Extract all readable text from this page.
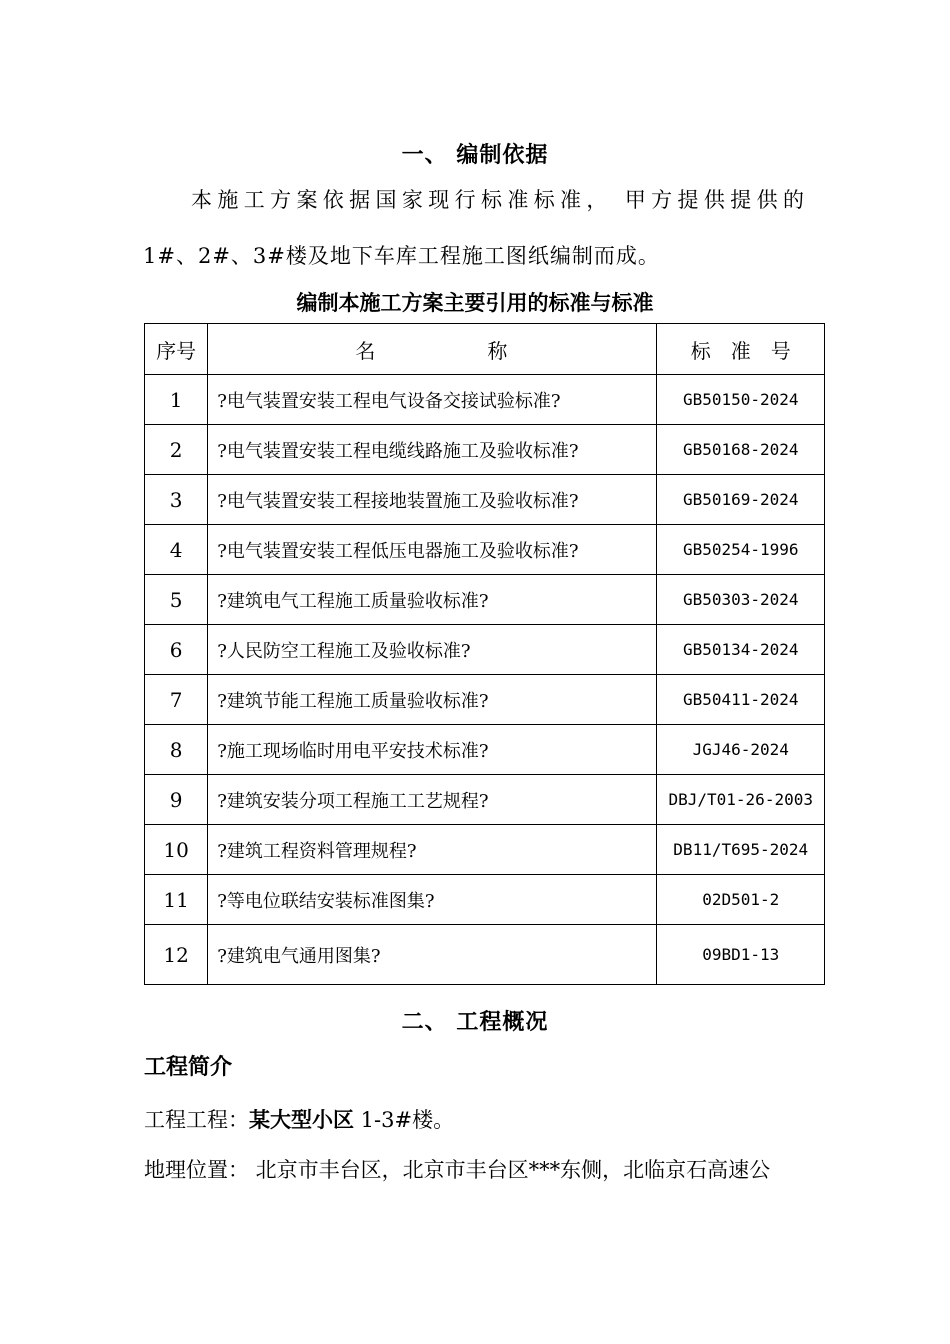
一、 编制依据
本施工方案依据国家现行标准标准， 甲方提供提供的
1#、2#、3#楼及地下车库工程施工图纸编制而成。
编制本施工方案主要引用的标准与标准
序号	名　　　　　称	标　准　号
1	?电气装置安装工程电气设备交接试验标准?	GB50150-2024
2	?电气装置安装工程电缆线路施工及验收标准?	GB50168-2024
3	?电气装置安装工程接地装置施工及验收标准?	GB50169-2024
4	?电气装置安装工程低压电器施工及验收标准?	GB50254-1996
5	?建筑电气工程施工质量验收标准?	GB50303-2024
6	?人民防空工程施工及验收标准?	GB50134-2024
7	?建筑节能工程施工质量验收标准?	GB50411-2024
8	?施工现场临时用电平安技术标准?	JGJ46-2024
9	?建筑安装分项工程施工工艺规程?	DBJ/T01-26-2003
10	?建筑工程资料管理规程?	DB11/T695-2024
11	?等电位联结安装标准图集?	02D501-2
12	?建筑电气通用图集?	09BD1-13
二、 工程概况
工程简介
工程工程：某大型小区 1-3#楼。
地理位置： 北京市丰台区，北京市丰台区***东侧，北临京石高速公
